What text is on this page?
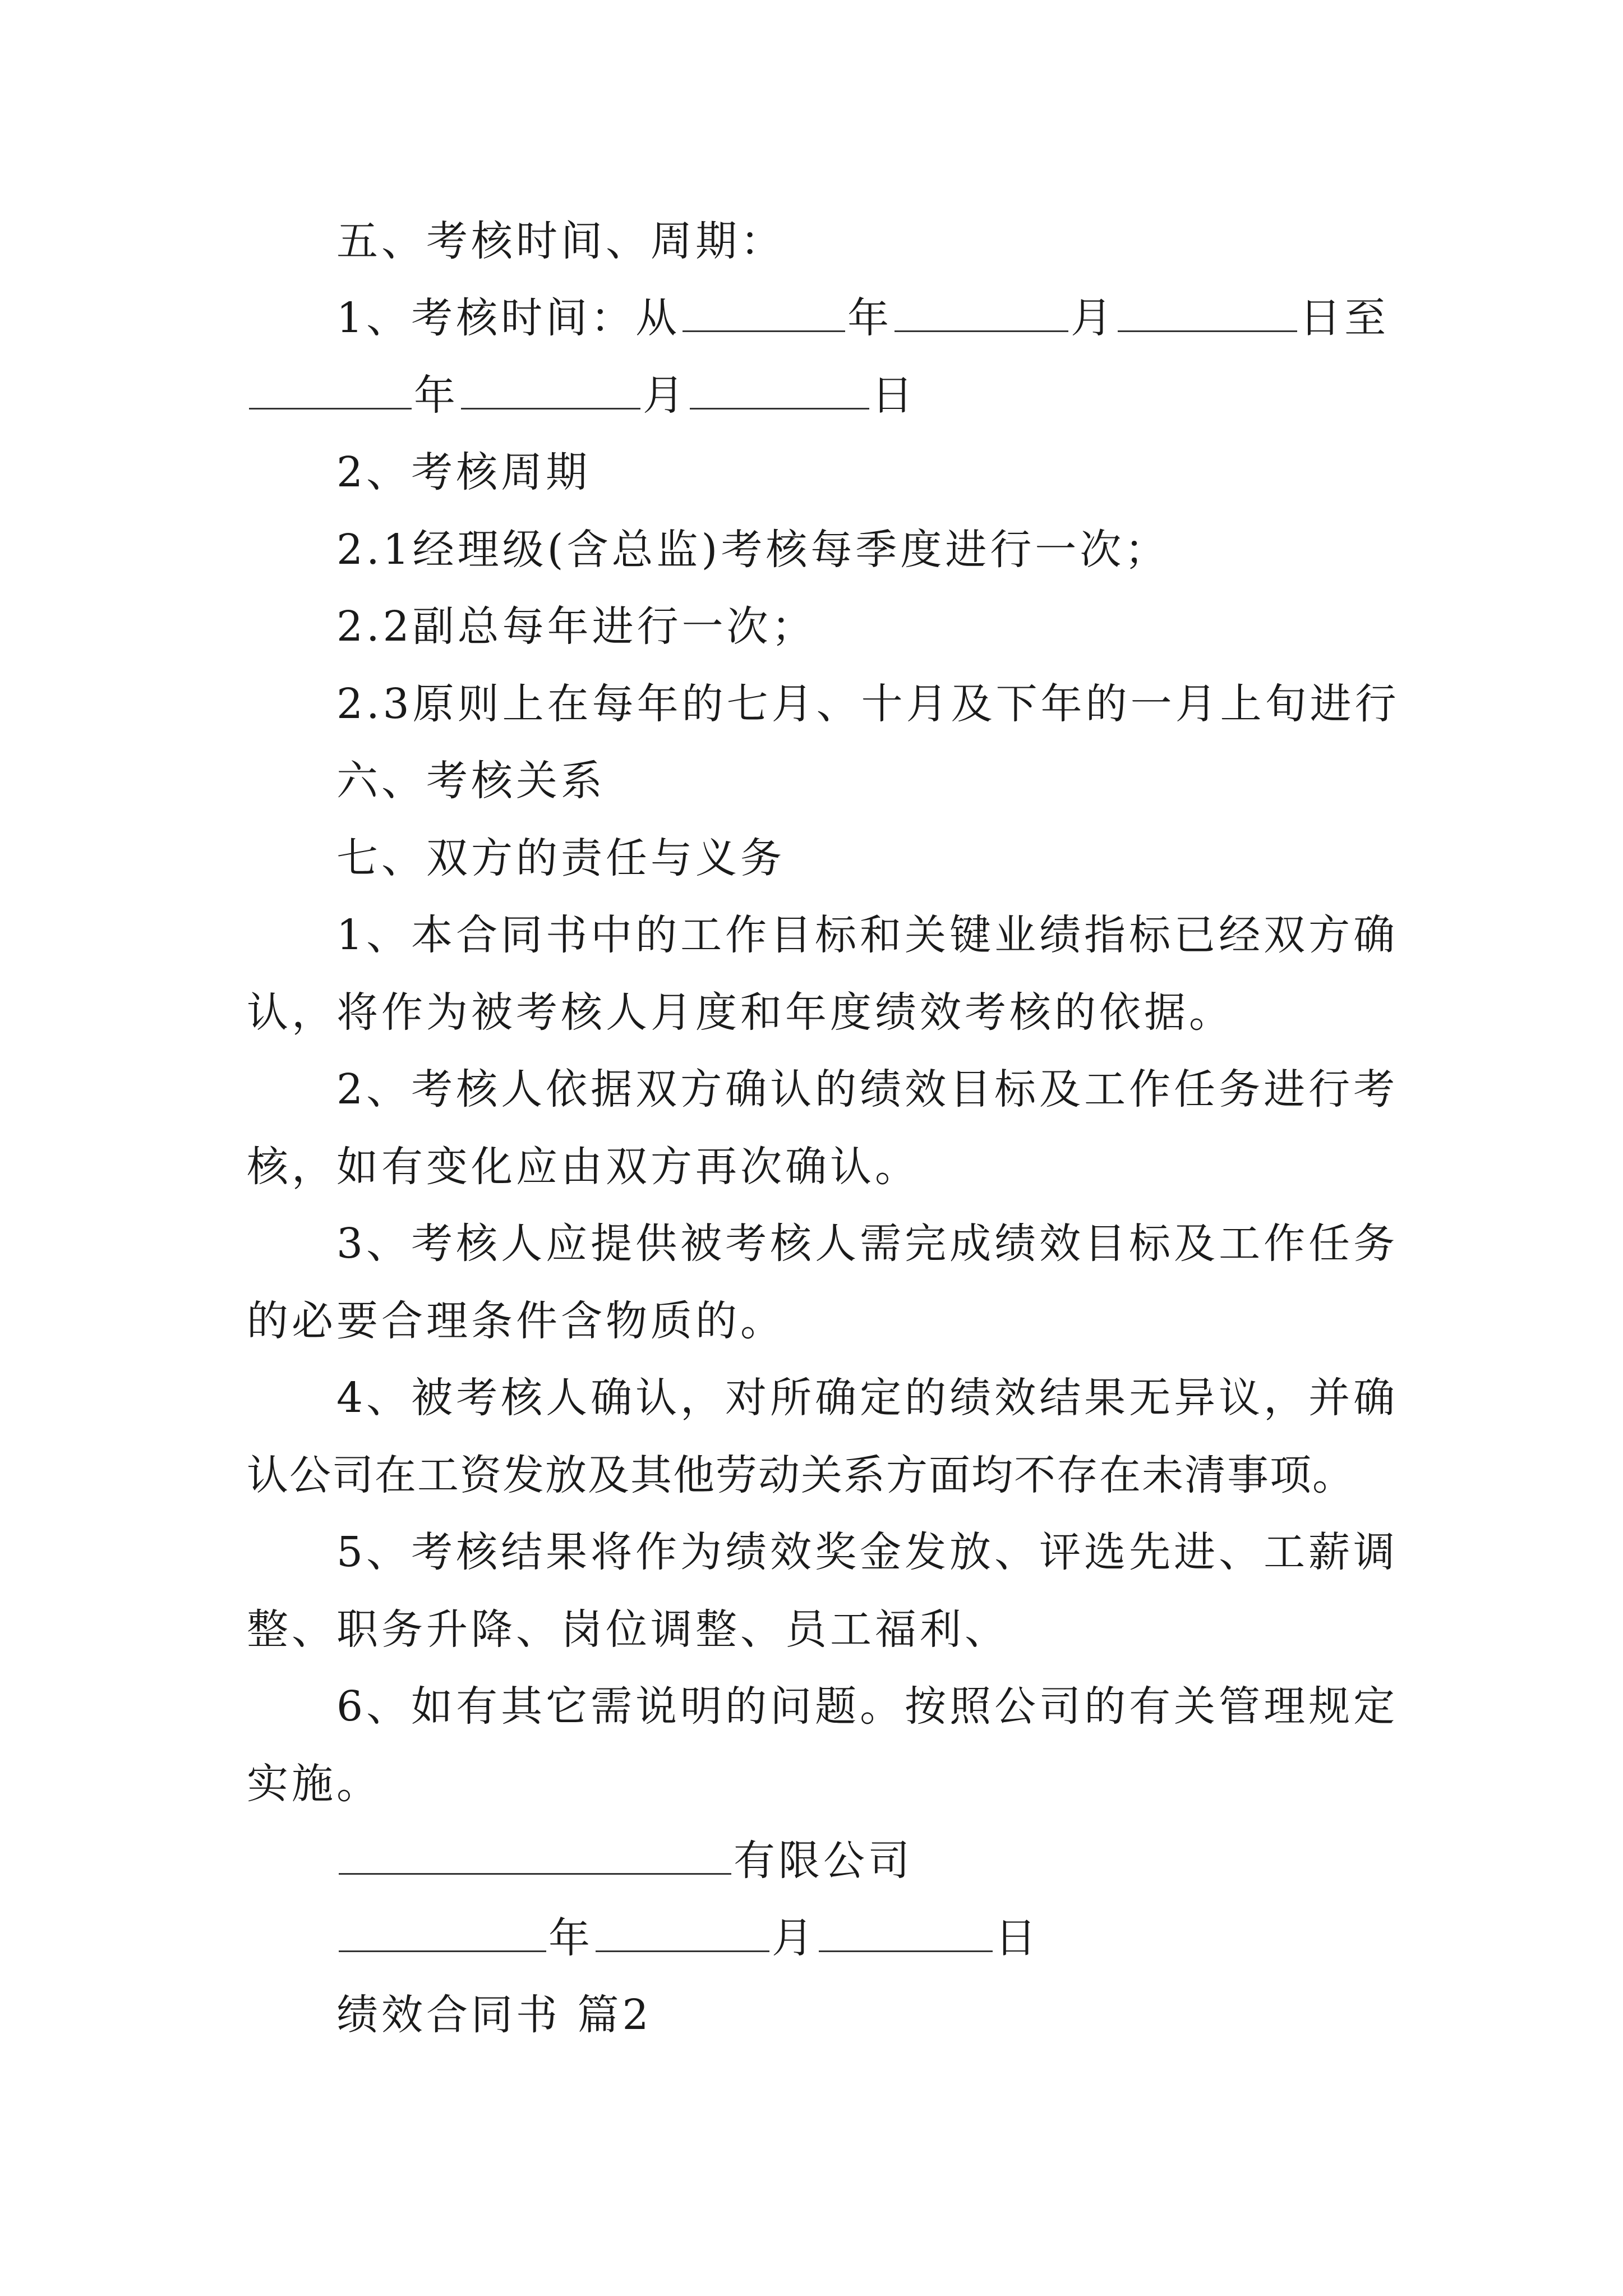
五、考核时间、周期：
1、考核时间：从	年	月	日至
年	月	日
2、考核周期
2.1经理级(含总监)考核每季度进行一次；
2.2副总每年进行一次；
2.3原则上在每年的七月、十月及下年的一月上旬进行
六、考核关系
七、双方的责任与义务
1、本合同书中的工作目标和关键业绩指标已经双方确
认，将作为被考核人月度和年度绩效考核的依据。
2、考核人依据双方确认的绩效目标及工作任务进行考
核，如有变化应由双方再次确认。
3、考核人应提供被考核人需完成绩效目标及工作任务
的必要合理条件含物质的。
4、被考核人确认，对所确定的绩效结果无异议，并确
认公司在工资发放及其他劳动关系方面均不存在未清事项。
5、考核结果将作为绩效奖金发放、评选先进、工薪调
整、职务升降、岗位调整、员工福利、
6、如有其它需说明的问题。按照公司的有关管理规定
实施。
有限公司
年	月	日
绩效合同书 篇2
